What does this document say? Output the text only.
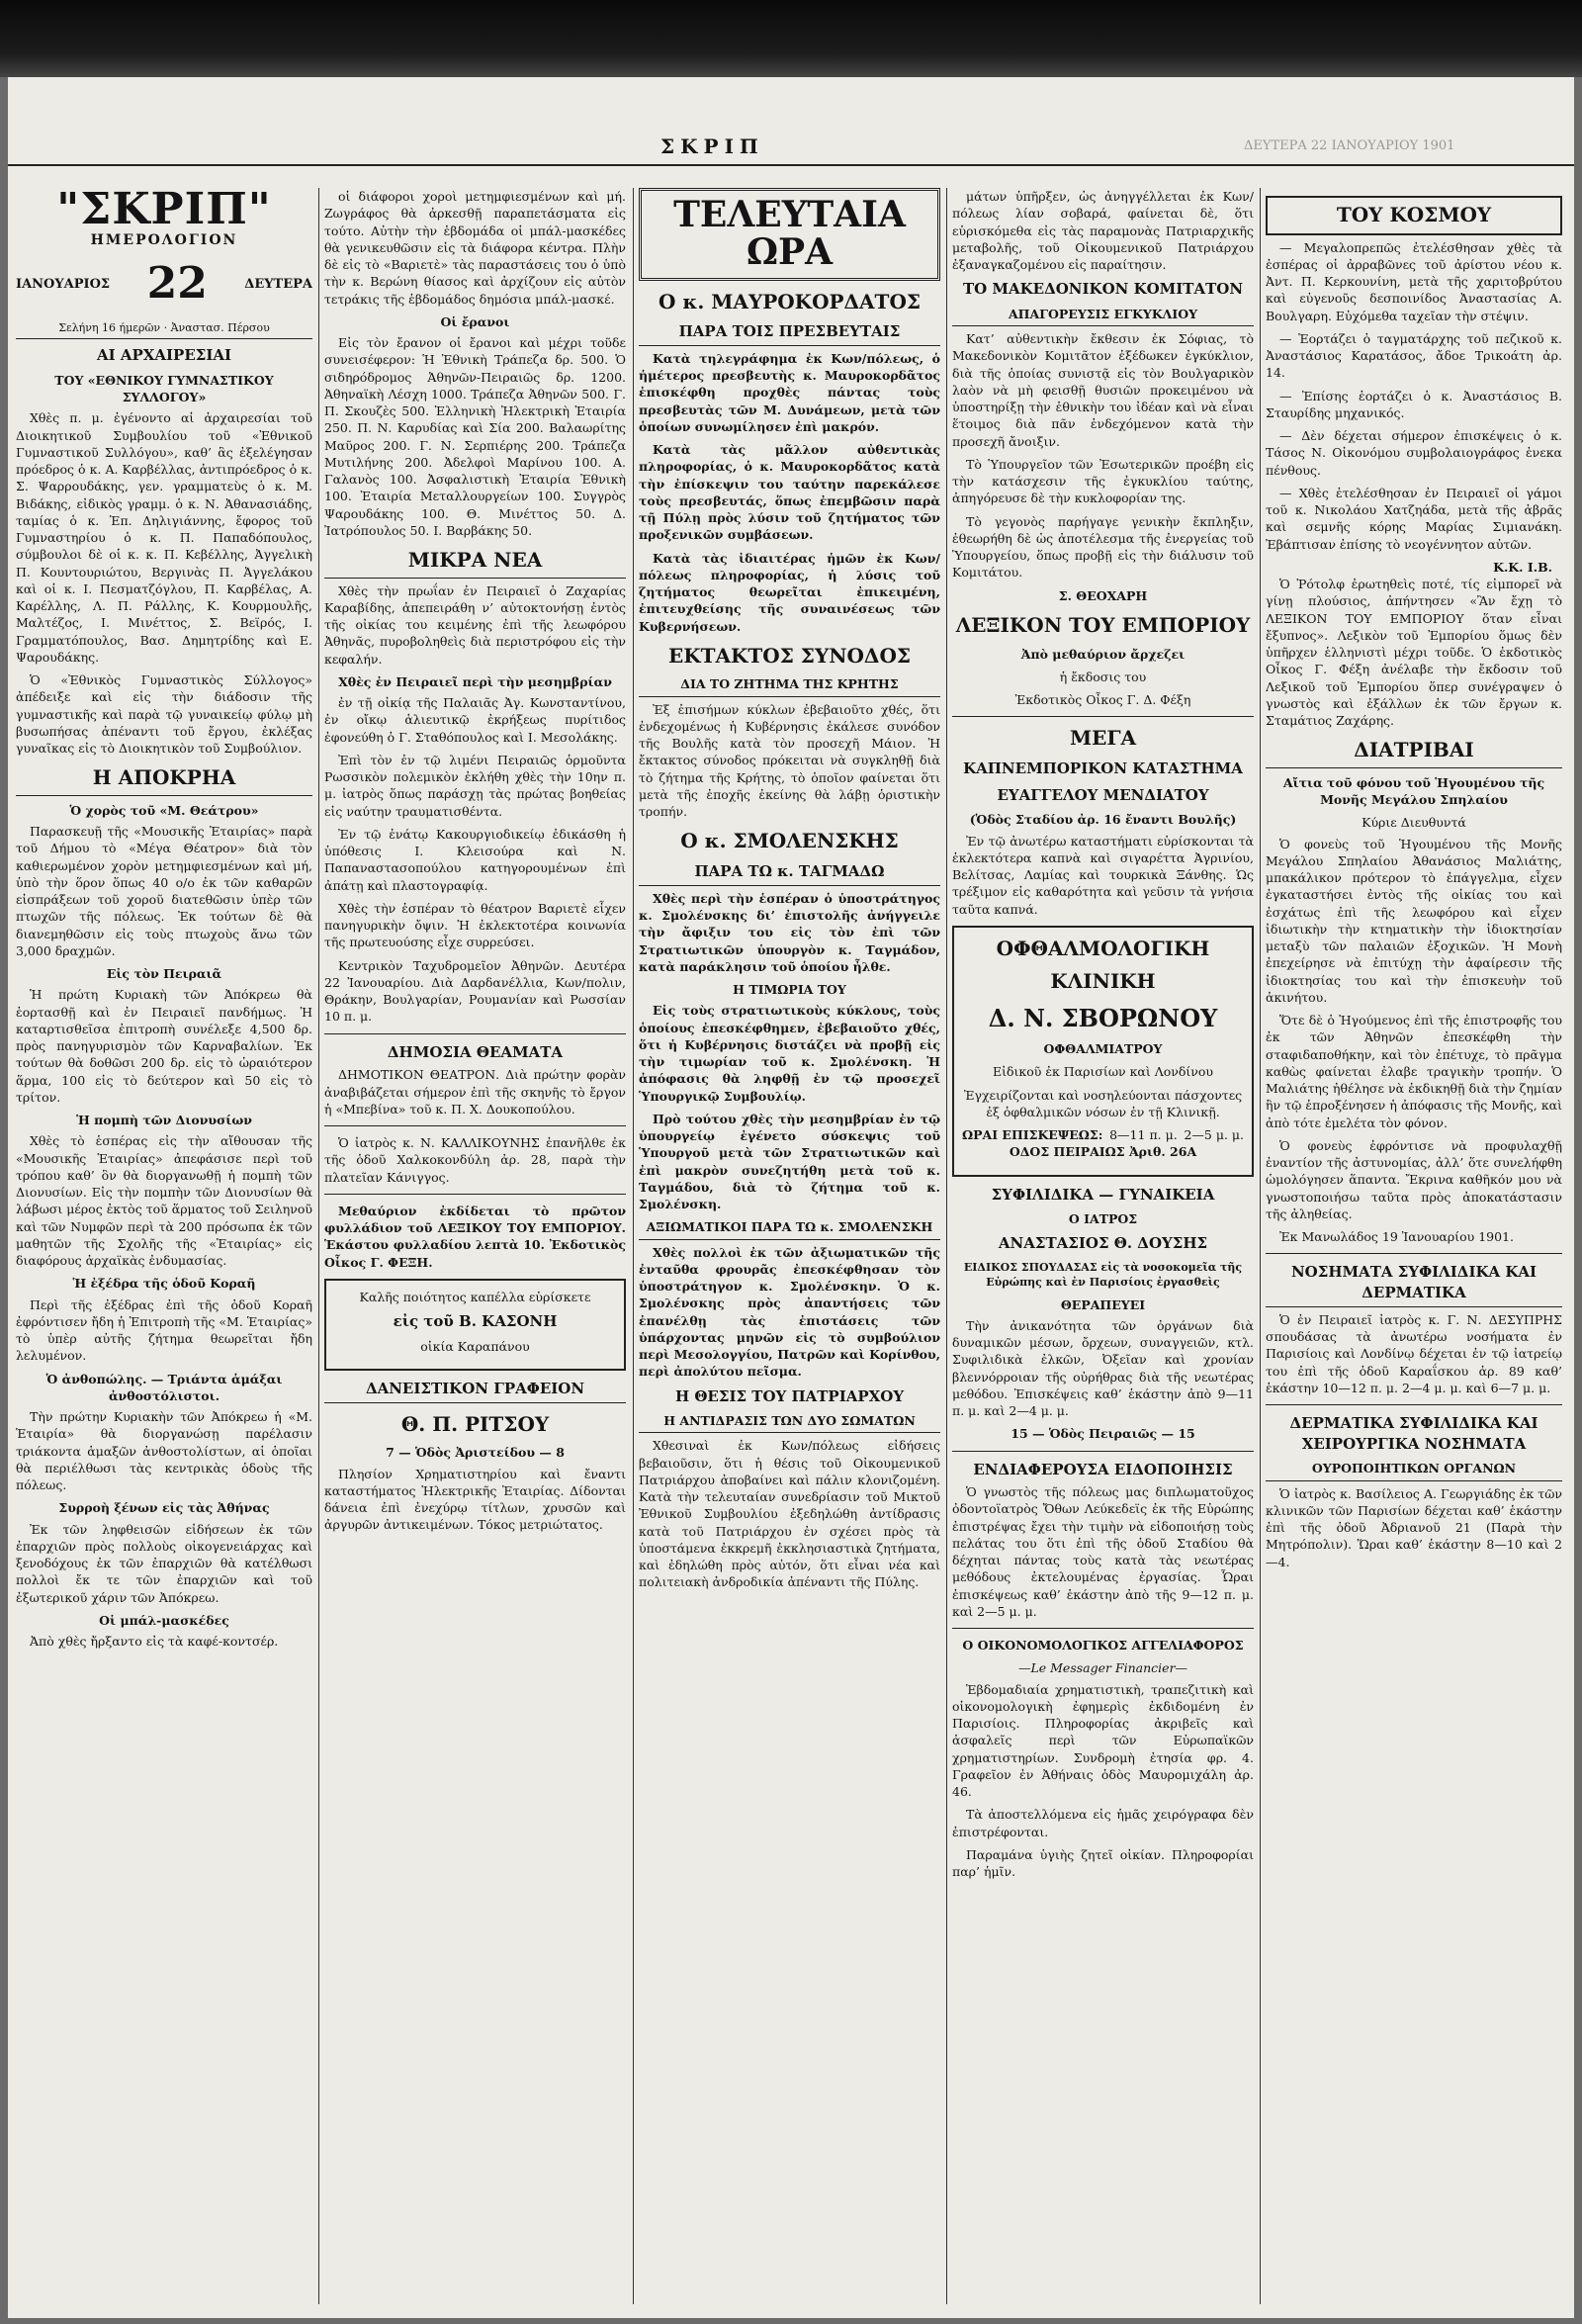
ΣΚΡΙΠ	ΔΕΥΤΕΡΑ 22 ΙΑΝΟΥΑΡΙΟΥ 1901
"ΣΚΡΙΠ"
ΗΜΕΡΟΛΟΓΙΟΝ
ΙΑΝΟΥΑΡΙΟΣ 22	ΔΕΥΤΕΡΑ
Σελήνη 16 ήμερῶν · Ἀναστασ. Πέρσου
ΑΙ ΑΡΧΑΙΡΕΣΙΑΙ
ΤΟΥ «ΕΘΝΙΚΟΥ ΓΥΜΝΑΣΤΙΚΟΥ ΣΥΛΛΟΓΟΥ»

Χθὲς π. μ. ἐγένοντο αἱ ἀρχαιρεσίαι τοῦ Διοικητικοῦ Συμβουλίου τοῦ «Ἐθνικοῦ Γυμναστικοῦ Συλλόγου», καθ’ ἃς ἐξελέγησαν πρόεδρος ὁ κ. Α. Καρβέλλας, ἀντιπρόεδρος ὁ κ. Σ. Ψαρρουδάκης, γεν. γραμματεὺς ὁ κ. Μ. Βιδάκης, εἰδικὸς γραμμ. ὁ κ. Ν. Ἀθανασιάδης, ταμίας ὁ κ. Ἐπ. Δηλιγιάννης, ἔφορος τοῦ Γυμναστηρίου ὁ κ. Π. Παπαδόπουλος, σύμβουλοι δὲ οἱ κ. κ. Π. Κεβέλλης, Ἀγγελικὴ Π. Κουντουριώτου, Βεργινὰς Π. Ἀγγελάκου καὶ οἱ κ. Ι. Πεσματζόγλου, Π. Καρβέλας, Α. Καρέλλης, Λ. Π. Ράλλης, Κ. Κουρμουλῆς, Μαλτέζος, Ι. Μινέττος, Σ. Βεϊρός, Ι. Γραμματόπουλος, Βασ. Δημητρίδης καὶ Ε. Ψαρουδάκης.

Ὁ «Ἐθνικὸς Γυμναστικὸς Σύλλογος» ἀπέδειξε καὶ εἰς τὴν διάδοσιν τῆς γυμναστικῆς καὶ παρὰ τῷ γυναικείῳ φύλῳ μὴ βυσωπήσας ἀπέναντι τοῦ ἔργου, ἐκλέξας γυναῖκας εἰς τὸ Διοικητικὸν τοῦ Συμβούλιον.

Η ΑΠΟΚΡΗΑ
Ὁ χορὸς τοῦ «Μ. Θεάτρου»

Παρασκευῇ τῆς «Μουσικῆς Ἑταιρίας» παρὰ τοῦ Δήμου τὸ «Μέγα Θέατρον» διὰ τὸν καθιερωμένον χορὸν μετημφιεσμένων καὶ μή, ὑπὸ τὴν ὅρον ὅπως 40 ο/ο ἐκ τῶν καθαρῶν εἰσπράξεων τοῦ χοροῦ διατεθῶσιν ὑπὲρ τῶν πτωχῶν τῆς πόλεως. Ἐκ τούτων δὲ θὰ διανεμηθῶσιν εἰς τοὺς πτωχοὺς ἄνω τῶν 3,000 δραχμῶν.

Εἰς τὸν Πειραιᾶ

Ἡ πρώτη Κυριακὴ τῶν Ἀπόκρεω θὰ ἑορτασθῇ καὶ ἐν Πειραιεῖ πανδήμως. Ἡ καταρτισθεῖσα ἐπιτροπὴ συνέλεξε 4,500 δρ. πρὸς πανηγυρισμὸν τῶν Καρναβαλίων. Ἐκ τούτων θὰ δοθῶσι 200 δρ. εἰς τὸ ὡραιότερον ἅρμα, 100 εἰς τὸ δεύτερον καὶ 50 εἰς τὸ τρίτον.

Ἡ πομπὴ τῶν Διονυσίων

Χθὲς τὸ ἑσπέρας εἰς τὴν αἴθουσαν τῆς «Μουσικῆς Ἑταιρίας» ἀπεφάσισε περὶ τοῦ τρόπου καθ’ ὃν θὰ διοργανωθῇ ἡ πομπὴ τῶν Διονυσίων. Εἰς τὴν πομπὴν τῶν Διονυσίων θὰ λάβωσι μέρος ἐκτὸς τοῦ ἅρματος τοῦ Σειληνοῦ καὶ τῶν Νυμφῶν περὶ τὰ 200 πρόσωπα ἐκ τῶν μαθητῶν τῆς Σχολῆς τῆς «Ἑταιρίας» εἰς διαφόρους ἀρχαϊκὰς ἐνδυμασίας.

Ἡ ἐξέδρα τῆς ὁδοῦ Κοραῆ

Περὶ τῆς ἐξέδρας ἐπὶ τῆς ὁδοῦ Κοραῆ ἐφρόντισεν ἤδη ἡ Ἐπιτροπὴ τῆς «Μ. Ἑταιρίας» τὸ ὑπὲρ αὐτῆς ζήτημα θεωρεῖται ἤδη λελυμένον.

Ὁ ἀνθοπώλης. — Τριάντα ἁμάξαι ἀνθοστόλιστοι.

Τὴν πρώτην Κυριακὴν τῶν Ἀπόκρεω ἡ «Μ. Ἑταιρία» θὰ διοργανώσῃ παρέλασιν τριάκοντα ἁμαξῶν ἀνθοστολίστων, αἱ ὁποῖαι θὰ περιέλθωσι τὰς κεντρικὰς ὁδοὺς τῆς πόλεως.

Συρροὴ ξένων εἰς τὰς Ἀθήνας

Ἐκ τῶν ληφθεισῶν εἰδήσεων ἐκ τῶν ἐπαρχιῶν πρὸς πολλοὺς οἰκογενειάρχας καὶ ξενοδόχους ἐκ τῶν ἐπαρχιῶν θὰ κατέλθωσι πολλοὶ ἔκ τε τῶν ἐπαρχιῶν καὶ τοῦ ἐξωτερικοῦ χάριν τῶν Ἀπόκρεω.

Οἱ μπάλ-μασκέδες

Ἀπὸ χθὲς ἤρξαντο εἰς τὰ καφέ-κοντσέρ.

οἱ διάφοροι χοροὶ μετημφιεσμένων καὶ μή. Ζωγράφος θὰ ἀρκεσθῇ παραπετάσματα εἰς τούτο. Αὐτὴν τὴν ἑβδομάδα οἱ μπάλ-μασκέδες θὰ γενικευθῶσιν εἰς τὰ διάφορα κέντρα. Πλὴν δὲ εἰς τὸ «Βαριετὲ» τὰς παραστάσεις του ὁ ὑπὸ τὴν κ. Βερώνη θίασος καὶ ἀρχίζουν εἰς αὐτὸν τετράκις τῆς ἑβδομάδος δημόσια μπάλ-μασκέ.

Οἱ ἔρανοι

Εἰς τὸν ἔρανον οἱ ἔρανοι καὶ μέχρι τοῦδε συνεισέφερον: Ἡ Ἐθνικὴ Τράπεζα δρ. 500. Ὁ σιδηρόδρομος Ἀθηνῶν-Πειραιῶς δρ. 1200. Ἀθηναϊκὴ Λέσχη 1000. Τράπεζα Ἀθηνῶν 500. Γ. Π. Σκουζὲς 500. Ἑλληνικὴ Ἠλεκτρικὴ Ἑταιρία 250. Π. Ν. Καρυδίας καὶ Σία 200. Βαλαωρίτης Μαῦρος 200. Γ. Ν. Σερπιέρης 200. Τράπεζα Μυτιλήνης 200. Ἀδελφοὶ Μαρίνου 100. Α. Γαλανὸς 100. Ἀσφαλιστικὴ Ἑταιρία Ἐθνικὴ 100. Ἐταιρία Μεταλλουργείων 100. Συγγρὸς Ψαρουδάκης 100. Θ. Μινέττος 50. Δ. Ἰατρόπουλος 50. Ι. Βαρβάκης 50.

ΜΙΚΡΑ ΝΕΑ

Χθὲς τὴν πρωΐαν ἐν Πειραιεῖ ὁ Ζαχαρίας Καραβίδης, ἀπεπειράθη ν’ αὐτοκτονήσῃ ἐντὸς τῆς οἰκίας του κειμένης ἐπὶ τῆς λεωφόρου Ἀθηνᾶς, πυροβοληθεὶς διὰ περιστρόφου εἰς τὴν κεφαλήν.

Χθὲς ἐν Πειραιεῖ περὶ τὴν μεσημβρίαν

ἐν τῇ οἰκίᾳ τῆς Παλαιᾶς Ἀγ. Κωνσταντίνου, ἐν οἴκῳ ἁλιευτικῷ ἐκρήξεως πυρίτιδος ἐφονεύθη ὁ Γ. Σταθόπουλος καὶ Ι. Μεσολάκης.

Ἐπὶ τὸν ἐν τῷ λιμένι Πειραιῶς ὁρμοῦντα Ρωσσικὸν πολεμικὸν ἐκλήθη χθὲς τὴν 10ην π. μ. ἰατρὸς ὅπως παράσχῃ τὰς πρώτας βοηθείας εἰς ναύτην τραυματισθέντα.

Ἐν τῷ ἐνάτῳ Κακουργιοδικείῳ ἐδικάσθη ἡ ὑπόθεσις Ι. Κλεισούρα καὶ Ν. Παπαναστασοπούλου κατηγορουμένων ἐπὶ ἀπάτῃ καὶ πλαστογραφίᾳ.

Χθὲς τὴν ἑσπέραν τὸ θέατρον Βαριετὲ εἶχεν πανηγυρικὴν ὄψιν. Ἡ ἐκλεκτοτέρα κοινωνία τῆς πρωτευούσης εἶχε συρρεύσει.

Κεντρικὸν Ταχυδρομεῖον Ἀθηνῶν. Δευτέρα 22 Ἰανουαρίου. Διὰ Δαρδανέλλια, Κων/πολιν, Θράκην, Βουλγαρίαν, Ρουμανίαν καὶ Ρωσσίαν 10 π. μ.

ΔΗΜΟΣΙΑ ΘΕΑΜΑΤΑ

ΔΗΜΟΤΙΚΟΝ ΘΕΑΤΡΟΝ. Διὰ πρώτην φορὰν ἀναβιβάζεται σήμερον ἐπὶ τῆς σκηνῆς τὸ ἔργον ἡ «Μπεβίνα» τοῦ κ. Π. Χ. Δουκοπούλου.

Ὁ ἰατρὸς κ. Ν. ΚΑΛΛΙΚΟΥΝΗΣ ἐπανῆλθε ἐκ τῆς ὁδοῦ Χαλκοκονδύλη ἀρ. 28, παρὰ τὴν πλατεῖαν Κάνιγγος.

Μεθαύριον ἐκδίδεται τὸ πρῶτον φυλλάδιον τοῦ ΛΕΞΙΚΟΥ ΤΟΥ ΕΜΠΟΡΙΟΥ. Ἑκάστου φυλλαδίου λεπτὰ 10. Ἐκδοτικὸς Οἶκος Γ. ΦΕΞΗ.

Καλῆς ποιότητος καπέλλα εὑρίσκετε

εἰς τοῦ Β. ΚΑΣΟΝΗ

οἰκία Καραπάνου

ΔΑΝΕΙΣΤΙΚΟΝ ΓΡΑΦΕΙΟΝ
Θ. Π. ΡΙΤΣΟΥ
7 — Ὁδὸς Ἀριστείδου — 8

Πλησίον Χρηματιστηρίου καὶ ἔναντι καταστήματος Ἠλεκτρικῆς Ἑταιρίας. Δίδονται δάνεια ἐπὶ ἐνεχύρῳ τίτλων, χρυσῶν καὶ ἀργυρῶν ἀντικειμένων. Τόκος μετριώτατος.

ΤΕΛΕΥΤΑΙΑ ΩΡΑ
Ο κ. ΜΑΥΡΟΚΟΡΔΑΤΟΣ
ΠΑΡΑ ΤΟΙΣ ΠΡΕΣΒΕΥΤΑΙΣ

Κατὰ τηλεγράφημα ἐκ Κων/πόλεως, ὁ ἡμέτερος πρεσβευτὴς κ. Μαυροκορδᾶτος ἐπισκέφθη προχθὲς πάντας τοὺς πρεσβευτὰς τῶν Μ. Δυνάμεων, μετὰ τῶν ὁποίων συνωμίλησεν ἐπὶ μακρόν.

Κατὰ τὰς μᾶλλον αὐθεντικὰς πληροφορίας, ὁ κ. Μαυροκορδᾶτος κατὰ τὴν ἐπίσκεψιν του ταύτην παρεκάλεσε τοὺς πρεσβευτάς, ὅπως ἐπεμβῶσιν παρὰ τῇ Πύλῃ πρὸς λύσιν τοῦ ζητήματος τῶν προξενικῶν συμβάσεων.

Κατὰ τὰς ἰδιαιτέρας ἡμῶν ἐκ Κων/πόλεως πληροφορίας, ἡ λύσις τοῦ ζητήματος θεωρεῖται ἐπικειμένη, ἐπιτευχθείσης τῆς συναινέσεως τῶν Κυβερνήσεων.

ΕΚΤΑΚΤΟΣ ΣΥΝΟΔΟΣ
ΔΙΑ ΤΟ ΖΗΤΗΜΑ ΤΗΣ ΚΡΗΤΗΣ

Ἐξ ἐπισήμων κύκλων ἐβεβαιοῦτο χθές, ὅτι ἐνδεχομένως ἡ Κυβέρνησις ἐκάλεσε συνόδον τῆς Βουλῆς κατὰ τὸν προσεχῆ Μάιον. Ἡ ἔκτακτος σύνοδος πρόκειται νὰ συγκληθῇ διὰ τὸ ζήτημα τῆς Κρήτης, τὸ ὁποῖον φαίνεται ὅτι μετὰ τῆς ἐποχῆς ἐκείνης θὰ λάβῃ ὁριστικὴν τροπήν.

Ο κ. ΣΜΟΛΕΝΣΚΗΣ
ΠΑΡΑ ΤΩ κ. ΤΑΓΜΑΔΩ

Χθὲς περὶ τὴν ἑσπέραν ὁ ὑποστράτηγος κ. Σμολένσκης δι’ ἐπιστολῆς ἀνήγγειλε τὴν ἄφιξιν του εἰς τὸν ἐπὶ τῶν Στρατιωτικῶν ὑπουργὸν κ. Ταγμάδον, κατὰ παράκλησιν τοῦ ὁποίου ἦλθε.

Η ΤΙΜΩΡΙΑ ΤΟΥ

Εἰς τοὺς στρατιωτικοὺς κύκλους, τοὺς ὁποίους ἐπεσκέφθημεν, ἐβεβαιοῦτο χθές, ὅτι ἡ Κυβέρνησις διστάζει νὰ προβῇ εἰς τὴν τιμωρίαν τοῦ κ. Σμολένσκη. Ἡ ἀπόφασις θὰ ληφθῇ ἐν τῷ προσεχεῖ Ὑπουργικῷ Συμβουλίῳ.

Πρὸ τούτου χθὲς τὴν μεσημβρίαν ἐν τῷ ὑπουργείῳ ἐγένετο σύσκεψις τοῦ Ὑπουργοῦ μετὰ τῶν Στρατιωτικῶν καὶ ἐπὶ μακρὸν συνεζητήθη μετὰ τοῦ κ. Ταγμάδου, διὰ τὸ ζήτημα τοῦ κ. Σμολένσκη.

ΑΞΙΩΜΑΤΙΚΟΙ ΠΑΡΑ ΤΩ κ. ΣΜΟΛΕΝΣΚΗ

Χθὲς πολλοὶ ἐκ τῶν ἀξιωματικῶν τῆς ἐνταῦθα φρουρᾶς ἐπεσκέφθησαν τὸν ὑποστράτηγον κ. Σμολένσκην. Ὁ κ. Σμολένσκης πρὸς ἀπαντήσεις τῶν ἐπανέλθῃ τὰς ἐπιστάσεις τῶν ὑπάρχοντας μηνῶν εἰς τὸ συμβούλιον περὶ Μεσολογγίου, Πατρῶν καὶ Κορίνθου, περὶ ἀπολύτου πεῖσμα.

Η ΘΕΣΙΣ ΤΟΥ ΠΑΤΡΙΑΡΧΟΥ
Η ΑΝΤΙΔΡΑΣΙΣ ΤΩΝ ΔΥΟ ΣΩΜΑΤΩΝ

Χθεσιναὶ ἐκ Κων/πόλεως εἰδήσεις βεβαιοῦσιν, ὅτι ἡ θέσις τοῦ Οἰκουμενικοῦ Πατριάρχου ἀποβαίνει καὶ πάλιν κλονιζομένη. Κατὰ τὴν τελευταίαν συνεδρίασιν τοῦ Μικτοῦ Ἐθνικοῦ Συμβουλίου ἐξεδηλώθη ἀντίδρασις κατὰ τοῦ Πατριάρχου ἐν σχέσει πρὸς τὰ ὑποστάμενα ἐκκρεμῆ ἐκκλησιαστικὰ ζητήματα, καὶ ἐδηλώθη πρὸς αὐτόν, ὅτι εἶναι νέα καὶ πολιτειακὴ ἀνδροδικία ἀπέναντι τῆς Πύλης.

μάτων ὑπῆρξεν, ὡς ἀνηγγέλλεται ἐκ Κων/πόλεως λίαν σοβαρά, φαίνεται δὲ, ὅτι εὑρισκόμεθα εἰς τὰς παραμονὰς Πατριαρχικῆς μεταβολῆς, τοῦ Οἰκουμενικοῦ Πατριάρχου ἐξαναγκαζομένου εἰς παραίτησιν.

ΤΟ ΜΑΚΕΔΟΝΙΚΟΝ ΚΟΜΙΤΑΤΟΝ
ΑΠΑΓΟΡΕΥΣΙΣ ΕΓΚΥΚΛΙΟΥ

Κατ’ αὐθεντικὴν ἔκθεσιν ἐκ Σόφιας, τὸ Μακεδονικὸν Κομιτᾶτον ἐξέδωκεν ἐγκύκλιον, διὰ τῆς ὁποίας συνιστᾷ εἰς τὸν Βουλγαρικὸν λαὸν νὰ μὴ φεισθῇ θυσιῶν προκειμένου νὰ ὑποστηρίξῃ τὴν ἐθνικὴν του ἰδέαν καὶ νὰ εἶναι ἕτοιμος διὰ πᾶν ἐνδεχόμενον κατὰ τὴν προσεχῆ ἄνοιξιν.

Τὸ Ὑπουργεῖον τῶν Ἐσωτερικῶν προέβη εἰς τὴν κατάσχεσιν τῆς ἐγκυκλίου ταύτης, ἀπηγόρευσε δὲ τὴν κυκλοφορίαν της.

Τὸ γεγονὸς παρήγαγε γενικὴν ἔκπληξιν, ἐθεωρήθη δὲ ὡς ἀποτέλεσμα τῆς ἐνεργείας τοῦ Ὑπουργείου, ὅπως προβῇ εἰς τὴν διάλυσιν τοῦ Κομιτάτου.

Σ. ΘΕΟΧΑΡΗ
ΛΕΞΙΚΟΝ ΤΟΥ ΕΜΠΟΡΙΟΥ

Ἀπὸ μεθαύριον ἄρχεζει

ἡ ἔκδοσις του

Ἐκδοτικὸς Οἶκος Γ. Δ. Φέξη

ΜΕΓΑ
ΚΑΠΝΕΜΠΟΡΙΚΟΝ ΚΑΤΑΣΤΗΜΑ
ΕΥΑΓΓΕΛΟΥ ΜΕΝΔΙΑΤΟΥ
(Ὁδὸς Σταδίου ἀρ. 16 ἔναντι Βουλῆς)

Ἐν τῷ ἀνωτέρω καταστήματι εὑρίσκονται τὰ ἐκλεκτότερα καπνὰ καὶ σιγαρέττα Ἀγρινίου, Βελίτσας, Λαμίας καὶ τουρκικὰ Ξάνθης. Ὡς τρέξιμον εἰς καθαρότητα καὶ γεῦσιν τὰ γνήσια ταῦτα καπνά.

ΟΦΘΑΛΜΟΛΟΓΙΚΗ

ΚΛΙΝΙΚΗ

Δ. Ν. ΣΒΟΡΩΝΟΥ

ΟΦΘΑΛΜΙΑΤΡΟΥ

Εἰδικοῦ ἐκ Παρισίων καὶ Λονδίνου

Ἐγχειρίζονται καὶ νοσηλεύονται πάσχοντες ἐξ ὀφθαλμικῶν νόσων ἐν τῇ Κλινικῇ.

ΩΡΑΙ ΕΠΙΣΚΕΨΕΩΣ: 8—11 π. μ. 2—5 μ. μ.

ΟΔΟΣ ΠΕΙΡΑΙΩΣ Ἀριθ. 26Α

ΣΥΦΙΛΙΔΙΚΑ — ΓΥΝΑΙΚΕΙΑ
Ο ΙΑΤΡΟΣ
ΑΝΑΣΤΑΣΙΟΣ Θ. ΔΟΥΣΗΣ
ΕΙΔΙΚΟΣ ΣΠΟΥΔΑΣΑΣ εἰς τὰ νοσοκομεῖα τῆς Εὐρώπης καὶ ἐν Παρισίοις ἐργασθεὶς
ΘΕΡΑΠΕΥΕΙ

Τὴν ἀνικανότητα τῶν ὀργάνων διὰ δυναμικῶν μέσων, ὄρχεων, συναγγειῶν, κτλ. Συφιλιδικὰ ἐλκῶν, Ὀξεῖαν καὶ χρονίαν βλεννόρροιαν τῆς οὐρήθρας διὰ τῆς νεωτέρας μεθόδου. Ἐπισκέψεις καθ’ ἑκάστην ἀπὸ 9—11 π. μ. καὶ 2—4 μ. μ.

15 — Ὁδὸς Πειραιῶς — 15
ΕΝΔΙΑΦΕΡΟΥΣΑ ΕΙΔΟΠΟΙΗΣΙΣ

Ὁ γνωστὸς τῆς πόλεως μας διπλωματοῦχος ὀδοντοϊατρὸς Ὄθων Λεύκεδεϊς ἐκ τῆς Εὐρώπης ἐπιστρέψας ἔχει τὴν τιμὴν νὰ εἰδοποιήσῃ τοὺς πελάτας του ὅτι ἐπὶ τῆς ὁδοῦ Σταδίου θὰ δέχηται πάντας τοὺς κατὰ τὰς νεωτέρας μεθόδους ἐκτελουμένας ἐργασίας. Ὧραι ἐπισκέψεως καθ’ ἑκάστην ἀπὸ τῆς 9—12 π. μ. καὶ 2—5 μ. μ.

Ο ΟΙΚΟΝΟΜΟΛΟΓΙΚΟΣ ΑΓΓΕΛΙΑΦΟΡΟΣ
—Le Messager Financier—

Ἑβδομαδιαία χρηματιστικὴ, τραπεζιτικὴ καὶ οἰκονομολογικὴ ἐφημερὶς ἐκδιδομένη ἐν Παρισίοις. Πληροφορίας ἀκριβεῖς καὶ ἀσφαλεῖς περὶ τῶν Εὐρωπαϊκῶν χρηματιστηρίων. Συνδρομὴ ἐτησία φρ. 4. Γραφεῖον ἐν Ἀθήναις ὁδὸς Μαυρομιχάλη ἀρ. 46.

Τὰ ἀποστελλόμενα εἰς ἡμᾶς χειρόγραφα δὲν ἐπιστρέφονται.

Παραμάνα ὑγιὴς ζητεῖ οἰκίαν. Πληροφορίαι παρ’ ἡμῖν.

ΤΟΥ ΚΟΣΜΟΥ

— Μεγαλοπρεπῶς ἐτελέσθησαν χθὲς τὰ ἐσπέρας οἱ ἀρραβῶνες τοῦ ἀρίστου νέου κ. Ἀντ. Π. Κερκουνίνη, μετὰ τῆς χαριτοβρύτου καὶ εὐγενοῦς δεσποινίδος Ἀναστασίας Α. Βουλγαρη. Εὐχόμεθα ταχεῖαν τὴν στέψιν.

— Ἑορτάζει ὁ ταγματάρχης τοῦ πεζικοῦ κ. Ἀναστάσιος Καρατάσος, ἄδοε Τρικοάτη ἀρ. 14.

— Ἐπίσης ἑορτάζει ὁ κ. Ἀναστάσιος Β. Σταυρίδης μηχανικός.

— Δὲν δέχεται σήμερον ἐπισκέψεις ὁ κ. Τάσος Ν. Οἰκονόμου συμβολαιογράφος ἐνεκα πένθους.

— Χθὲς ἐτελέσθησαν ἐν Πειραιεῖ οἱ γάμοι τοῦ κ. Νικολάου Χατζηάδα, μετὰ τῆς ἀβρᾶς καὶ σεμνῆς κόρης Μαρίας Σιμιανάκη. Ἐβάπτισαν ἐπίσης τὸ νεογέννητον αὐτῶν.

Κ.Κ. Ι.Β.

Ὁ Ῥότολφ ἐρωτηθεὶς ποτέ, τίς εἰμπορεῖ νὰ γίνῃ πλούσιος, ἀπήντησεν «Ἂν ἔχῃ τὸ ΛΕΞΙΚΟΝ ΤΟΥ ΕΜΠΟΡΙΟΥ ὅταν εἶναι ἔξυπνος». Λεξικὸν τοῦ Ἐμπορίου ὅμως δὲν ὑπῆρχεν ἑλληνιστὶ μέχρι τοῦδε. Ὁ ἐκδοτικὸς Οἶκος Γ. Φέξη ἀνέλαβε τὴν ἔκδοσιν τοῦ Λεξικοῦ τοῦ Ἐμπορίου ὅπερ συνέγραψεν ὁ γνωστὸς καὶ ἐξάλλων ἐκ τῶν ἔργων κ. Σταμάτιος Ζαχάρης.

ΔΙΑΤΡΙΒΑΙ
Αἴτια τοῦ φόνου τοῦ Ἡγουμένου τῆς Μονῆς Μεγάλου Σπηλαίου
Κύριε Διευθυντά

Ὁ φονεὺς τοῦ Ἡγουμένου τῆς Μονῆς Μεγάλου Σπηλαίου Ἀθανάσιος Μαλιάτης, μπακάλικον πρότερον τὸ ἐπάγγελμα, εἶχεν ἐγκαταστήσει ἐντὸς τῆς οἰκίας του καὶ ἐσχάτως ἐπὶ τῆς λεωφόρου καὶ εἶχεν ἰδιωτικὴν τὴν κτηματικὴν τὴν ἰδιοκτησίαν μεταξὺ τῶν παλαιῶν ἐξοχικῶν. Ἡ Μονὴ ἐπεχείρησε νὰ ἐπιτύχῃ τὴν ἀφαίρεσιν τῆς ἰδιοκτησίας του καὶ τὴν ἐπισκευὴν τοῦ ἀκινήτου.

Ὅτε δὲ ὁ Ἡγούμενος ἐπὶ τῆς ἐπιστροφῆς του ἐκ τῶν Ἀθηνῶν ἐπεσκέφθη τὴν σταφιδαποθήκην, καὶ τὸν ἐπέτυχε, τὸ πρᾶγμα καθὼς φαίνεται ἐλαβε τραγικὴν τροπήν. Ὁ Μαλιάτης ἠθέλησε νὰ ἐκδικηθῇ διὰ τὴν ζημίαν ἣν τῷ ἐπροξένησεν ἡ ἀπόφασις τῆς Μονῆς, καὶ ἀπὸ τότε ἐμελέτα τὸν φόνον.

Ὁ φονεὺς ἐφρόντισε νὰ προφυλαχθῇ ἐναντίον τῆς ἀστυνομίας, ἀλλ’ ὅτε συνελήφθη ὡμολόγησεν ἅπαντα. Ἔκρινα καθῆκόν μου νὰ γνωστοποιήσω ταῦτα πρὸς ἀποκατάστασιν τῆς ἀληθείας.

Ἐκ Μανωλάδος 19 Ἰανουαρίου 1901.

ΝΟΣΗΜΑΤΑ ΣΥΦΙΛΙΔΙΚΑ ΚΑΙ ΔΕΡΜΑΤΙΚΑ

Ὁ ἐν Πειραιεῖ ἰατρὸς κ. Γ. Ν. ΔΕΣΥΠΡΗΣ σπουδάσας τὰ ἀνωτέρω νοσήματα ἐν Παρισίοις καὶ Λονδίνῳ δέχεται ἐν τῷ ἰατρείῳ του ἐπὶ τῆς ὁδοῦ Καραΐσκου ἀρ. 89 καθ’ ἑκάστην 10—12 π. μ. 2—4 μ. μ. καὶ 6—7 μ. μ.

ΔΕΡΜΑΤΙΚΑ ΣΥΦΙΛΙΔΙΚΑ ΚΑΙ ΧΕΙΡΟΥΡΓΙΚΑ ΝΟΣΗΜΑΤΑ
ΟΥΡΟΠΟΙΗΤΙΚΩΝ ΟΡΓΑΝΩΝ

Ὁ ἰατρὸς κ. Βασίλειος Α. Γεωργιάδης ἐκ τῶν κλινικῶν τῶν Παρισίων δέχεται καθ’ ἑκάστην ἐπὶ τῆς ὁδοῦ Ἀδριανοῦ 21 (Παρὰ τὴν Μητρόπολιν). Ὥραι καθ’ ἑκάστην 8—10 καὶ 2—4.
